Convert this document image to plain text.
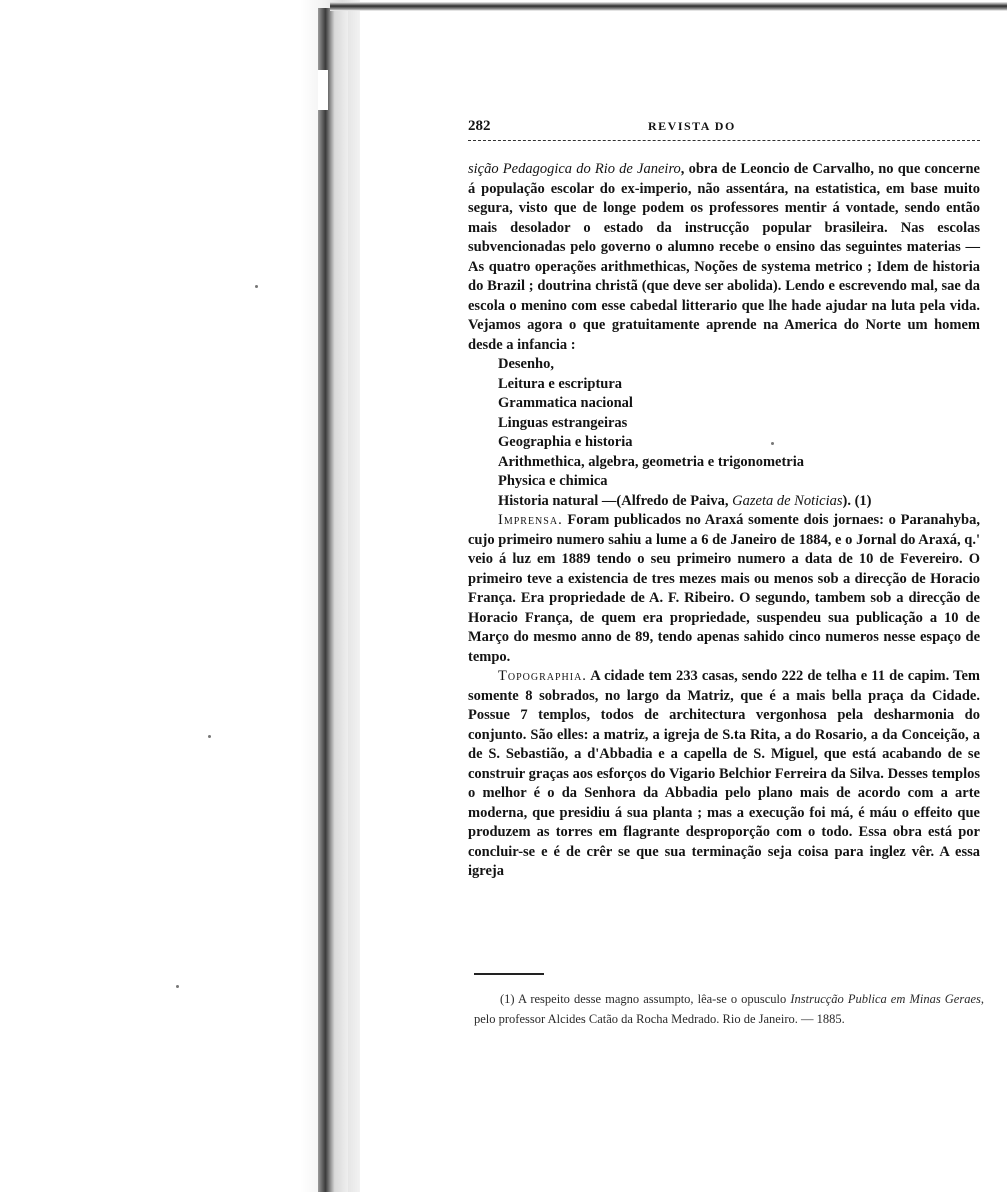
282	REVISTA DO

sição Pedagogica do Rio de Janeiro, obra de Leoncio de Carvalho, no que concerne á população escolar do ex-imperio, não assentára, na estatistica, em base muito segura, visto que de longe podem os professores mentir á vontade, sendo então mais desolador o estado da instrucção popular brasileira. Nas escolas subvencionadas pelo governo o alumno recebe o ensino das seguintes materias — As quatro operações arithmethicas, Noções de systema metrico ; Idem de historia do Brazil ; doutrina christã (que deve ser abolida). Lendo e escrevendo mal, sae da escola o menino com esse cabedal litterario que lhe hade ajudar na luta pela vida. Vejamos agora o que gratuitamente aprende na America do Norte um homem desde a infancia :

Desenho,
Leitura e escriptura
Grammatica nacional
Linguas estrangeiras
Geographia e historia
Arithmethica, algebra, geometria e trigonometria
Physica e chimica
Historia natural —(Alfredo de Paiva, Gazeta de Noticias). (1)

Imprensa. Foram publicados no Araxá somente dois jornaes: o Paranahyba, cujo primeiro numero sahiu a lume a 6 de Janeiro de 1884, e o Jornal do Araxá, q.' veio á luz em 1889 tendo o seu primeiro numero a data de 10 de Fevereiro. O primeiro teve a existencia de tres mezes mais ou menos sob a direcção de Horacio França. Era propriedade de A. F. Ribeiro. O segundo, tambem sob a direcção de Horacio França, de quem era propriedade, suspendeu sua publicação a 10 de Março do mesmo anno de 89, tendo apenas sahido cinco numeros nesse espaço de tempo.

Topographia. A cidade tem 233 casas, sendo 222 de telha e 11 de capim. Tem somente 8 sobrados, no largo da Matriz, que é a mais bella praça da Cidade. Possue 7 templos, todos de architectura vergonhosa pela desharmonia do conjunto. São elles: a matriz, a igreja de S.ta Rita, a do Rosario, a da Conceição, a de S. Sebastião, a d'Abbadia e a capella de S. Miguel, que está acabando de se construir graças aos esforços do Vigario Belchior Ferreira da Silva. Desses templos o melhor é o da Senhora da Abbadia pelo plano mais de acordo com a arte moderna, que presidiu á sua planta ; mas a execução foi má, é máu o effeito que produzem as torres em flagrante desproporção com o todo. Essa obra está por concluir-se e é de crêr se que sua terminação seja coisa para inglez vêr. A essa igreja

(1) A respeito desse magno assumpto, lêa-se o opusculo Instrucção Publica em Minas Geraes, pelo professor Alcides Catão da Rocha Medrado. Rio de Janeiro. — 1885.
